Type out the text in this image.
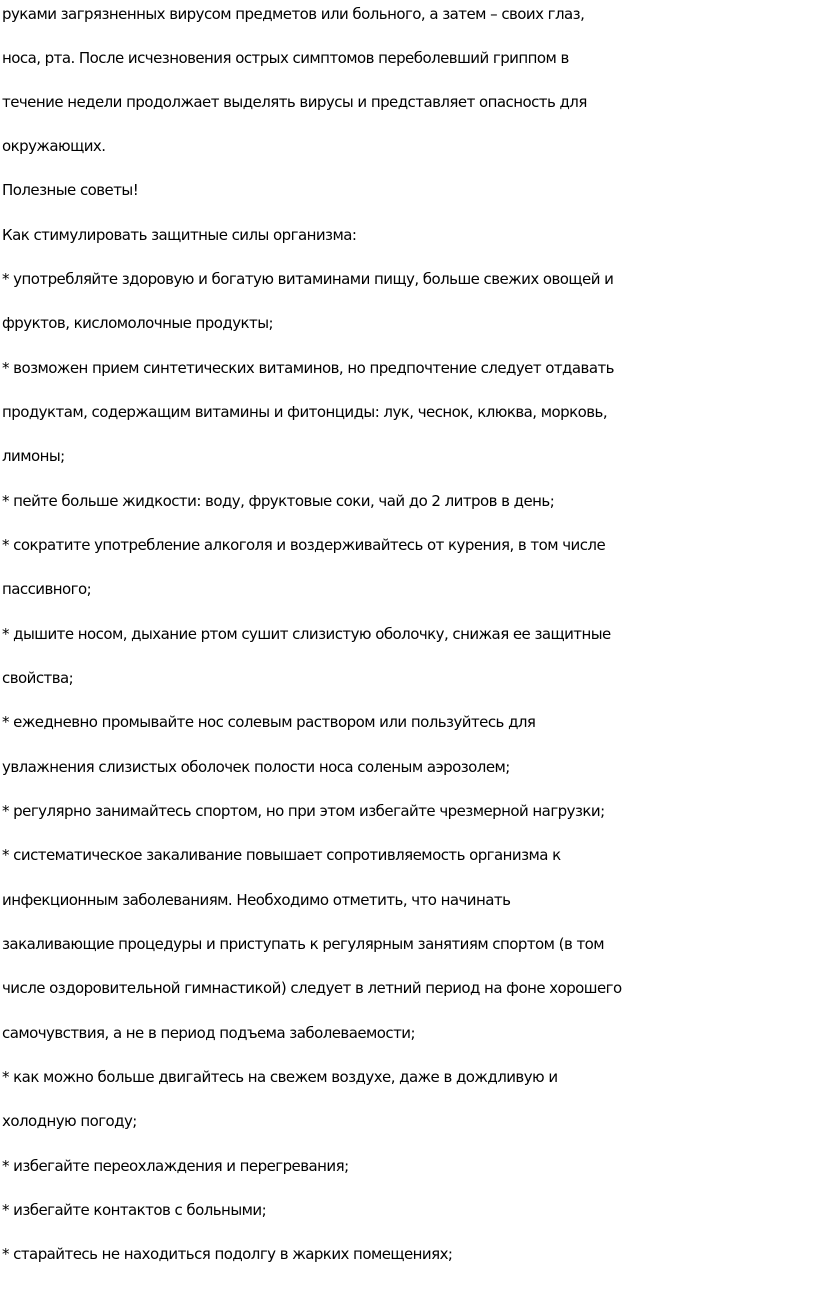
руками загрязненных вирусом предметов или больного, а затем – своих глаз,
носа, рта. После исчезновения острых симптомов переболевший гриппом в
течение недели продолжает выделять вирусы и представляет опасность для
окружающих.
Полезные советы!
Как стимулировать защитные силы организма:
* употребляйте здоровую и богатую витаминами пищу, больше свежих овощей и
фруктов, кисломолочные продукты;
* возможен прием синтетических витаминов, но предпочтение следует отдавать
продуктам, содержащим витамины и фитонциды: лук, чеснок, клюква, морковь,
лимоны;
* пейте больше жидкости: воду, фруктовые соки, чай до 2 литров в день;
* сократите употребление алкоголя и воздерживайтесь от курения, в том числе
пассивного;
* дышите носом, дыхание ртом сушит слизистую оболочку, снижая ее защитные
свойства;
* ежедневно промывайте нос солевым раствором или пользуйтесь для
увлажнения слизистых оболочек полости носа соленым аэрозолем;
* регулярно занимайтесь спортом, но при этом избегайте чрезмерной нагрузки;
* систематическое закаливание повышает сопротивляемость организма к
инфекционным заболеваниям. Необходимо отметить, что начинать
закаливающие процедуры и приступать к регулярным занятиям спортом (в том
числе оздоровительной гимнастикой) следует в летний период на фоне хорошего
самочувствия, а не в период подъема заболеваемости;
* как можно больше двигайтесь на свежем воздухе, даже в дождливую и
холодную погоду;
* избегайте переохлаждения и перегревания;
* избегайте контактов с больными;
* старайтесь не находиться подолгу в жарких помещениях;
